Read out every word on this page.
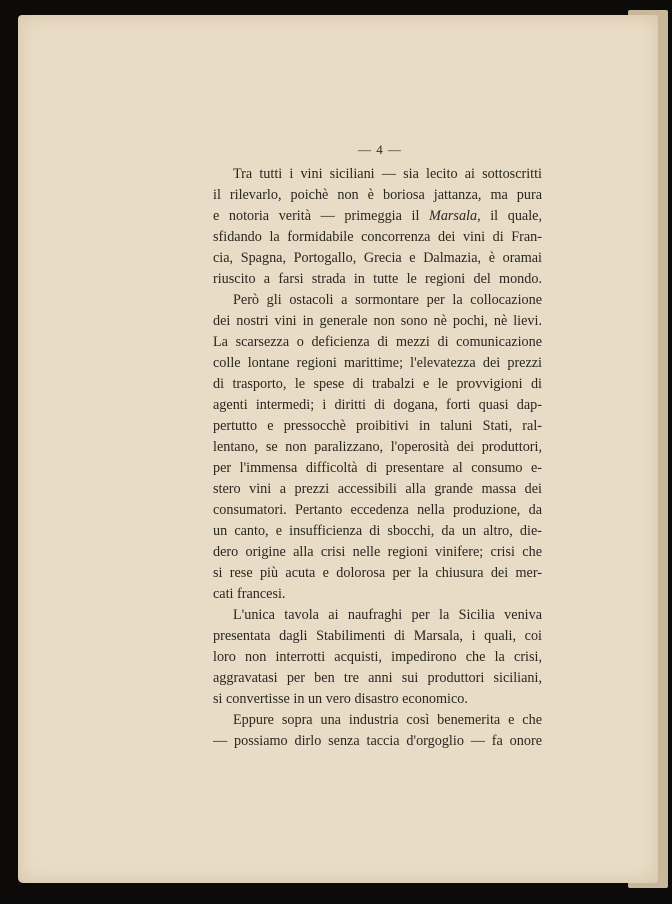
— 4 —
Tra tutti i vini siciliani — sia lecito ai sottoscritti
il rilevarlo, poichè non è boriosa jattanza, ma pura
e notoria verità — primeggia il Marsala, il quale,
sfidando la formidabile concorrenza dei vini di Fran-
cia, Spagna, Portogallo, Grecia e Dalmazia, è oramai
riuscito a farsi strada in tutte le regioni del mondo.
Però gli ostacoli a sormontare per la collocazione
dei nostri vini in generale non sono nè pochi, nè lievi.
La scarsezza o deficienza di mezzi di comunicazione
colle lontane regioni marittime; l'elevatezza dei prezzi
di trasporto, le spese di trabalzi e le provvigioni di
agenti intermedi; i diritti di dogana, forti quasi dap-
pertutto e pressocchè proibitivi in taluni Stati, ral-
lentano, se non paralizzano, l'operosità dei produttori,
per l'immensa difficoltà di presentare al consumo e-
stero vini a prezzi accessibili alla grande massa dei
consumatori. Pertanto eccedenza nella produzione, da
un canto, e insufficienza di sbocchi, da un altro, die-
dero origine alla crisi nelle regioni vinifere; crisi che
si rese più acuta e dolorosa per la chiusura dei mer-
cati francesi.
L'unica tavola ai naufraghi per la Sicilia veniva
presentata dagli Stabilimenti di Marsala, i quali, coi
loro non interrotti acquisti, impedirono che la crisi,
aggravatasi per ben tre anni sui produttori siciliani,
si convertisse in un vero disastro economico.
Eppure sopra una industria così benemerita e che
— possiamo dirlo senza taccia d'orgoglio — fa onore
